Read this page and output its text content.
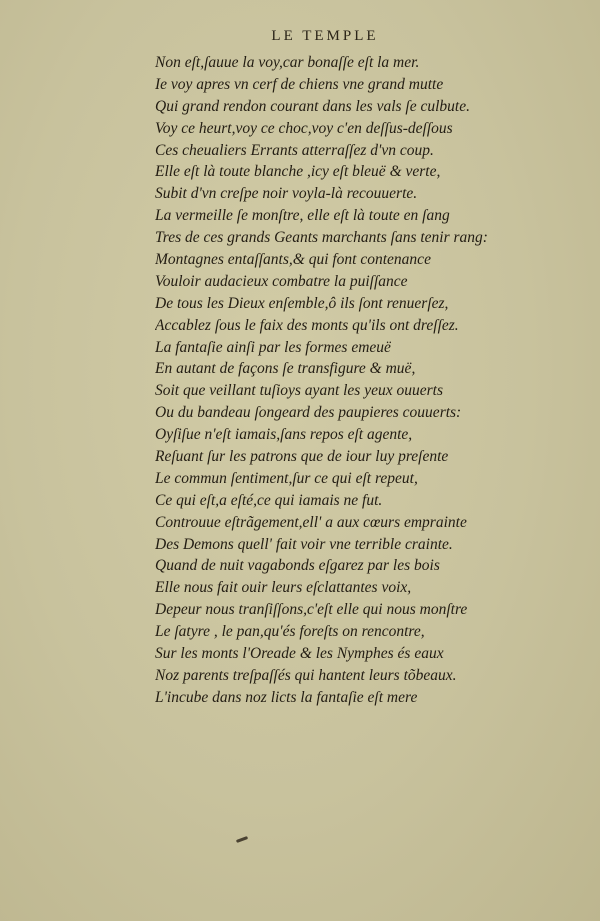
LE TEMPLE
Non eſt,ſauue la voy,car bonaſſe eſt la mer.
Ie voy apres vn cerf de chiens vne grand mutte
Qui grand rendon courant dans les vals ſe culbute.
Voy ce heurt,voy ce choc,voy c'en deſſus-deſſous
Ces cheualiers Errants atterraſſez d'vn coup.
Elle eſt là toute blanche ,icy eſt bleuë & verte,
Subit d'vn creſpe noir voyla-là recouuerte.
La vermeille ſe monſtre, elle eſt là toute en ſang
Tres de ces grands Geants marchants ſans tenir rang:
Montagnes entaſſants,& qui font contenance
Vouloir audacieux combatre la puiſſance
De tous les Dieux enſemble,ô ils ſont renuerſez,
Accablez ſous le faix des monts qu'ils ont dreſſez.
La fantaſie ainſi par les formes emeuë
En autant de façons ſe transfigure & muë,
Soit que veillant tuſioys ayant les yeux ouuerts
Ou du bandeau ſongeard des paupieres couuerts:
Oyſiſue n'eſt iamais,ſans repos eſt agente,
Reſuant ſur les patrons que de iour luy preſente
Le commun ſentiment,ſur ce qui eſt repeut,
Ce qui eſt,a eſté,ce qui iamais ne fut.
Controuue eſtrãgement,ell' a aux cœurs emprainte
Des Demons quell' fait voir vne terrible crainte.
Quand de nuit vagabonds eſgarez par les bois
Elle nous fait ouir leurs eſclattantes voix,
Depeur nous tranſiſſons,c'eſt elle qui nous monſtre
Le ſatyre , le pan,qu'és foreſts on rencontre,
Sur les monts l'Oreade & les Nymphes és eaux
Noz parents treſpaſſés qui hantent leurs tõbeaux.
L'incube dans noz licts la fantaſie eſt mere
